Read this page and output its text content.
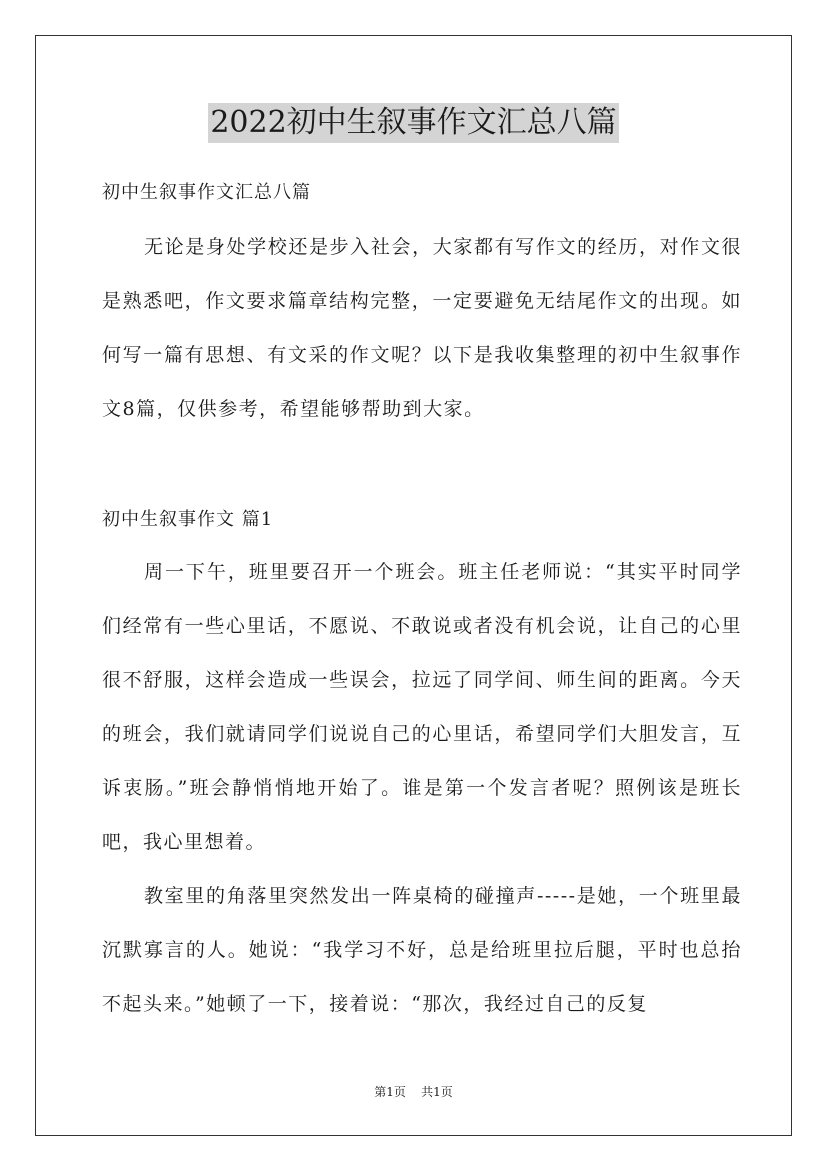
2022初中生叙事作文汇总八篇
初中生叙事作文汇总八篇

无论是身处学校还是步入社会，大家都有写作文的经历，对作文很是熟悉吧，作文要求篇章结构完整，一定要避免无结尾作文的出现。如何写一篇有思想、有文采的作文呢？以下是我收集整理的初中生叙事作文8篇，仅供参考，希望能够帮助到大家。

初中生叙事作文 篇1

周一下午，班里要召开一个班会。班主任老师说：“其实平时同学们经常有一些心里话，不愿说、不敢说或者没有机会说，让自己的心里很不舒服，这样会造成一些误会，拉远了同学间、师生间的距离。今天的班会，我们就请同学们说说自己的心里话，希望同学们大胆发言，互诉衷肠。”班会静悄悄地开始了。谁是第一个发言者呢？照例该是班长吧，我心里想着。

教室里的角落里突然发出一阵桌椅的碰撞声-----是她，一个班里最沉默寡言的人。她说：“我学习不好，总是给班里拉后腿，平时也总抬不起头来。”她顿了一下，接着说：“那次，我经过自己的反复

第1页 共1页
